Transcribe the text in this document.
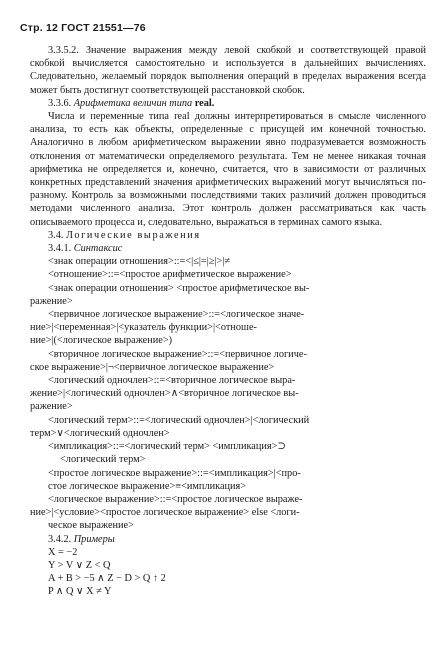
Стр. 12 ГОСТ 21551—76

3.3.5.2. Значение выражения между левой скобкой и соответствующей правой скобкой вычисляется самостоятельно и используется в дальнейших вычислениях. Следовательно, желаемый порядок выполнения операций в пределах выражения всегда может быть достигнут соответствующей расстановкой скобок.

3.3.6. Арифметика величин типа real.

Числа и переменные типа real должны интерпретироваться в смысле численного анализа, то есть как объекты, определенные с присущей им конечной точностью. Аналогично в любом арифметическом выражении явно подразумевается возможность отклонения от математически определяемого результата. Тем не менее никакая точная арифметика не определяется и, конечно, считается, что в зависимости от различных конкретных представлений значения арифметических выражений могут вычисляться по-разному. Контроль за возможными последствиями таких различий должен проводиться методами численного анализа. Этот контроль должен рассматриваться как часть описываемого процесса и, следовательно, выражаться в терминах самого языка.

3.4. Логические выражения

3.4.1. Синтаксис

<знак операции отношения>::=<|≤|=|≥|>|≠

<отношение>::=<простое арифметическое выражение>

<знак операции отношения> <простое арифметическое вы-

ражение>

<первичное логическое выражение>::=<логическое значе-

ние>|<переменная>|<указатель функции>|<отноше-

ние>|(<логическое выражение>)

<вторичное логическое выражение>::=<первичное логиче-

ское выражение>|¬<первичное логическое выражение>

<логический одночлен>::=<вторичное логическое выра-

жение>|<логический одночлен>∧<вторичное логическое вы-

ражение>

<логический терм>::=<логический одночлен>|<логический

терм>∨<логический одночлен>

<импликация>::=<логический терм> <импликация>⊃

<логический терм>

<простое логическое выражение>::=<импликация>|<про-

стое логическое выражение>≡<импликация>

<логическое выражение>::=<простое логическое выраже-

ние>|<условие><простое логическое выражение> else <логи-

ческое выражение>

3.4.2. Примеры

X = −2

Y > V ∨ Z < Q

A + B > −5 ∧ Z − D > Q ↑ 2

P ∧ Q ∨ X ≠ Y
